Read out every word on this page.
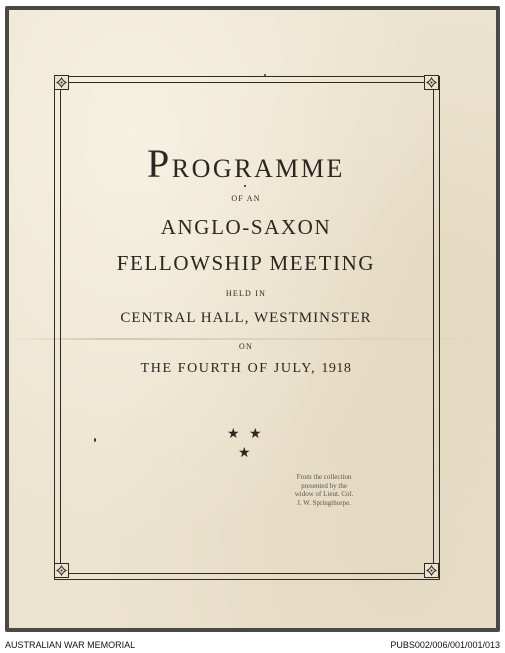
PROGRAMME
OF AN
ANGLO-SAXON
FELLOWSHIP MEETING
HELD IN
CENTRAL HALL, WESTMINSTER
ON
THE FOURTH OF JULY, 1918
★ ★
★
From the collection
presented by the
widow of Lieut. Col.
J. W. Springthorpe.
AUSTRALIAN WAR MEMORIAL	PUBS002/006/001/001/013
